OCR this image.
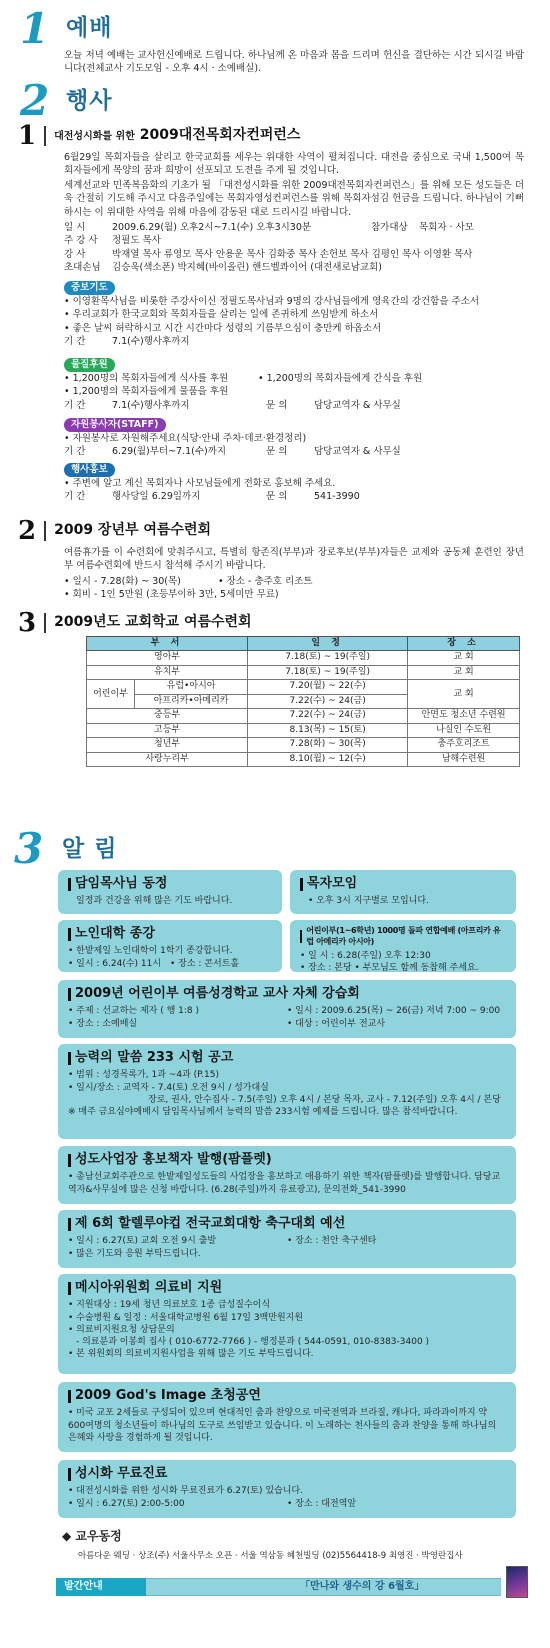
1 예배
오늘 저녁 예배는 교사헌신예배로 드립니다. 하나님께 온 마음과 몸을 드리며 헌신을 결단하는 시간 되시길 바랍니다(전체교사 기도모임 - 오후 4시 · 소예배실).
2 행사
1 대전성시화를 위한 2009대전목회자컨퍼런스
6월29일 목회자들을 살리고 한국교회를 세우는 위대한 사역이 펼쳐집니다. 대전을 중심으로 국내 1,500여 목회자들에게 목양의 꿈과 희망이 선포되고 도전을 주게 될 것입니다.
세계선교와 민족복음화의 기초가 될 「대전성시화를 위한 2009대전목회자컨퍼런스」를 위해 모든 성도들은 더욱 간절히 기도해 주시고 다음주일에는 목회자영성컨퍼런스를 위해 목회자섬김 헌금을 드립니다. 하나님이 기뻐하시는 이 위대한 사역을 위해 마음에 감동된 대로 드리시길 바랍니다.
일 시	2009.6.29(월) 오후2시~7.1(수) 오후3시30분	참가대상	목회자 · 사모
주 강 사	정필도 목사
강 사	박재열 목사 류영모 목사 안용운 목사 김화중 목사 손헌보 목사 김평인 목사 이영환 목사
초대손님	김승욱(색소폰) 박지혜(바이올린) 핸드벨콰이어 (대전새로남교회)
중보기도
• 이영환목사님을 비롯한 주강사이신 정필도목사님과 9명의 강사님들에게 영육간의 강건함을 주소서
• 우리교회가 한국교회와 목회자들을 살리는 일에 존귀하게 쓰임받게 하소서
• 좋은 날씨 허락하시고 시간 시간마다 성령의 기름부으심이 충만케 하옵소서
기 간	7.1(수)행사후까지
물질후원
• 1,200명의 목회자들에게 식사를 후원	• 1,200명의 목회자들에게 간식을 후원
• 1,200명의 목회자들에게 물품을 후원
기 간	7.1(수)행사후까지	문 의	담당교역자 & 사무실
자원봉사자(STAFF)
• 자원봉사로 자원해주세요(식당·안내 주차·데코·환경정리)
기 간	6.29(월)부터~7.1(수)까지	문 의	담당교역자 & 사무실
행사홍보
• 주변에 알고 계신 목회자나 사모님들에게 전화로 홍보해 주세요.
기 간	행사당일 6.29일까지	문 의	541-3990
2 2009 장년부 여름수련회
여름휴가를 이 수련회에 맞춰주시고, 특별히 항존직(부부)과 장로후보(부부)자들은 교제와 공동체 훈련인 장년부 여름수련회에 반드시 참석해 주시기 바랍니다.
• 일시 - 7.28(화) ~ 30(목)	• 장소 - 충주호 리조트
• 회비 - 1인 5만원 (초등부이하 3만, 5세미만 무료)
3 2009년도 교회학교 여름수련회
부 서		일 정	장 소
영아부		7.18(토) ~ 19(주일)	교 회
유치부		7.18(토) ~ 19(주일)	교 회
어린이부	유럽•아시아	7.20(월) ~ 22(수)	교 회
	아프리카•아메리카	7.22(수) ~ 24(금)	
중등부		7.22(수) ~ 24(금)	안면도 청소년 수련원
고등부		8.13(목) ~ 15(토)	나실인 수도원
청년부		7.28(화) ~ 30(목)	충주호리조트
사랑누리부		8.10(월) ~ 12(수)	남해수련원
3 알 림
담임목사님 동정
일정과 건강을 위해 많은 기도 바랍니다.
목자모임
• 오후 3시 지구별로 모입니다.
노인대학 종강
• 한밭제일 노인대학이 1학기 종강합니다.
• 일시 : 6.24(수) 11시 • 장소 : 콘서트홀
어린이부(1~6학년) 1000명 돌파 연합예배 (아프리카 유럽 아메리카 아시아)
• 일 시 : 6.28(주일) 오후 12:30
• 장소 : 본당 • 부모님도 함께 동참해 주세요.
2009년 어린이부 여름성경학교 교사 자체 강습회
• 주제 : 선교하는 제자 ( 행 1:8 )	• 일시 : 2009.6.25(목) ~ 26(금) 저녁 7:00 ~ 9:00
• 장소 : 소예배실	• 대상 : 어린이부 전교사
능력의 말씀 233 시험 공고
• 범위 : 성경목록가, 1과 ~4과 (P.15)
• 일시/장소 : 교역자 - 7.4(토) 오전 9시 / 성가대실
장로, 권사, 안수집사 - 7.5(주일) 오후 4시 / 본당 목자, 교사 - 7.12(주일) 오후 4시 / 본당
※ 매주 금요심야예배시 담임목사님께서 능력의 말씀 233시험 예제를 드립니다. 많은 참석바랍니다.
성도사업장 홍보책자 발행(팜플렛)
• 총남선교회주관으로 한밭제일성도들의 사업장을 홍보하고 애용하기 위한 책자(팜플렛)를 발행합니다. 담당교역자&사무실에 많은 신청 바랍니다. (6.28(주일)까지 유료광고), 문의전화_541-3990
제 6회 할렐루야컵 전국교회대항 축구대회 예선
• 일시 : 6.27(토) 교회 오전 9시 출발	• 장소 : 천안 축구센타
• 많은 기도와 응원 부탁드립니다.
메시아위원회 의료비 지원
• 지원대상 : 19세 청년 의료보호 1종 급성질수이식
• 수술병원 & 일정 : 서울대학교병원 6월 17일 3백만원지원
• 의료비지원요청 상담문의
- 의료분과 이봉희 집사 ( 010-6772-7766 ) - 행정분과 ( 544-0591, 010-8383-3400 )
• 본 위원회의 의료비지원사업을 위해 많은 기도 부탁드립니다.
2009 God's Image 초청공연
• 미국 교포 2세들로 구성되어 있으며 현대적인 춤과 찬양으로 미국전역과 브라질, 캐나다, 파라과이까지 약 600여명의 청소년들이 하나님의 도구로 쓰임받고 있습니다. 이 노래하는 천사들의 춤과 찬양을 통해 하나님의 은혜와 사랑을 경험하게 될 것입니다.
성시화 무료진료
• 대전성시화를 위한 성시화 무료진료가 6.27(토) 있습니다.
• 일시 : 6.27(토) 2:00-5:00	• 장소 : 대전역앞
◆ 교우동정
아름다운 웨딩 · 상조(주) 서울사무소 오픈 · 서울 역삼동 혜천빌딩 (02)5564418-9 최영진 · 박영란집사
발간안내	「만나와 생수의 강 6월호」
